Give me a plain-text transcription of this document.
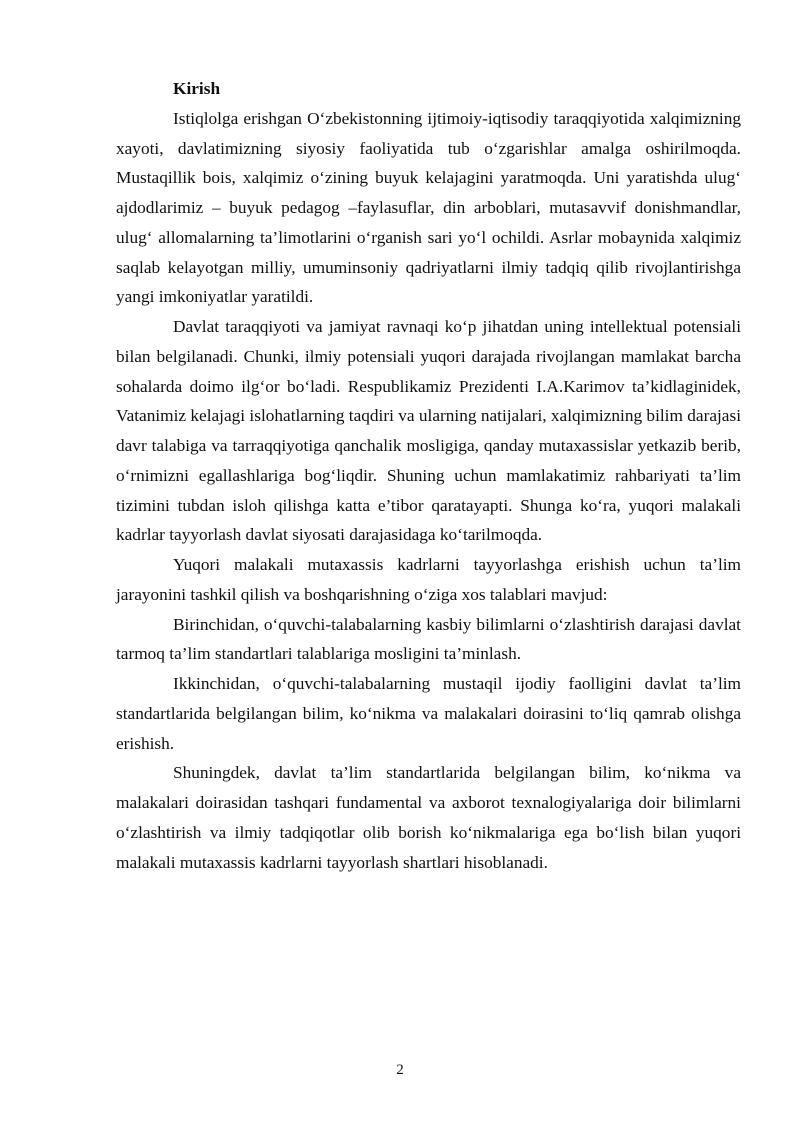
Kirish

Istiqlolga erishgan O‘zbekistonning ijtimoiy-iqtisodiy taraqqiyotida xalqimizning xayoti, davlatimizning siyosiy faoliyatida tub o‘zgarishlar amalga oshirilmoqda. Mustaqillik bois, xalqimiz o‘zining buyuk kelajagini yaratmoqda. Uni yaratishda ulug‘ ajdodlarimiz – buyuk pedagog –faylasuflar, din arboblari, mutasavvif donishmandlar, ulug‘ allomalarning ta’limotlarini o‘rganish sari yo‘l ochildi. Asrlar mobaynida xalqimiz saqlab kelayotgan milliy, umuminsoniy qadriyatlarni ilmiy tadqiq qilib rivojlantirishga yangi imkoniyatlar yaratildi.

Davlat taraqqiyoti va jamiyat ravnaqi ko‘p jihatdan uning intellektual potensiali bilan belgilanadi. Chunki, ilmiy potensiali yuqori darajada rivojlangan mamlakat barcha sohalarda doimo ilg‘or bo‘ladi. Respublikamiz Prezidenti I.A.Karimov ta’kidlaginidek, Vatanimiz kelajagi islohatlarning taqdiri va ularning natijalari, xalqimizning bilim darajasi davr talabiga va tarraqqiyotiga qanchalik mosligiga, qanday mutaxassislar yetkazib berib, o‘rnimizni egallashlariga bog‘liqdir. Shuning uchun mamlakatimiz rahbariyati ta’lim tizimini tubdan isloh qilishga katta e’tibor qaratayapti. Shunga ko‘ra, yuqori malakali kadrlar tayyorlash davlat siyosati darajasidaga ko‘tarilmoqda.

Yuqori malakali mutaxassis kadrlarni tayyorlashga erishish uchun ta’lim jarayonini tashkil qilish va boshqarishning o‘ziga xos talablari mavjud:

Birinchidan, o‘quvchi-talabalarning kasbiy bilimlarni o‘zlashtirish darajasi davlat tarmoq ta’lim standartlari talablariga mosligini ta’minlash.

Ikkinchidan, o‘quvchi-talabalarning mustaqil ijodiy faolligini davlat ta’lim standartlarida belgilangan bilim, ko‘nikma va malakalari doirasini to‘liq qamrab olishga erishish.

Shuningdek, davlat ta’lim standartlarida belgilangan bilim, ko‘nikma va malakalari doirasidan tashqari fundamental va axborot texnalogiyalariga doir bilimlarni o‘zlashtirish va ilmiy tadqiqotlar olib borish ko‘nikmalariga ega bo‘lish bilan yuqori malakali mutaxassis kadrlarni tayyorlash shartlari hisoblanadi.

2
